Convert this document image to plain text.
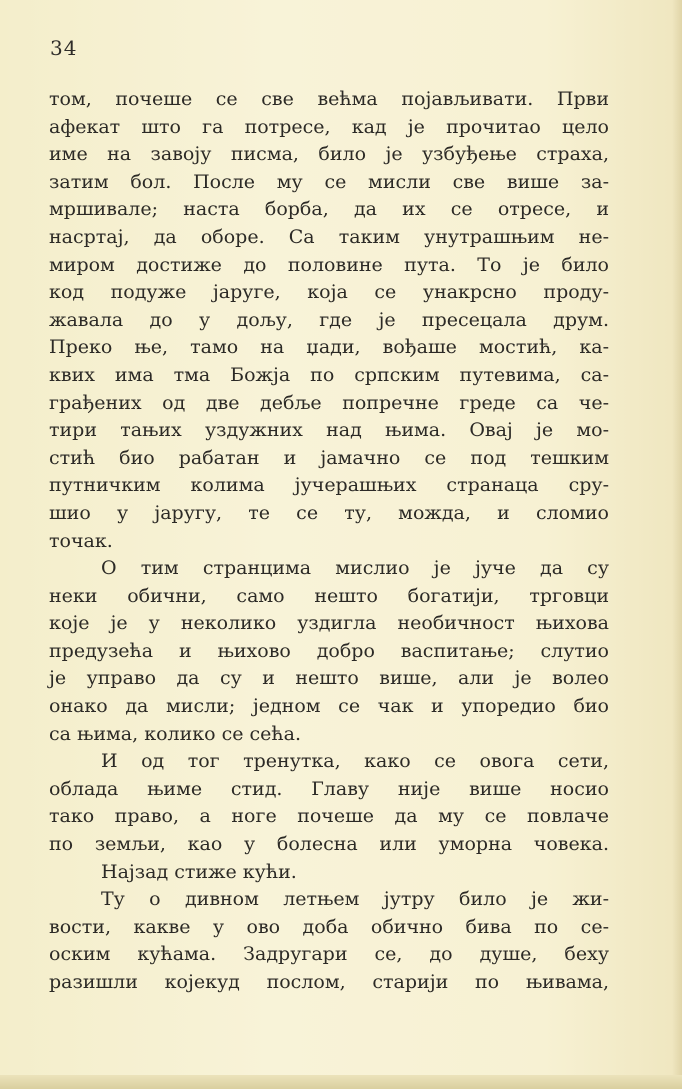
34
том, почеше се све већма појављивати. Први
афекат што га потресе, кад је прочитао цело
име на завоју писма, било је узбуђење страха,
затим бол. После му се мисли све више за-
мршивале; наста борба, да их се отресе, и
насртај, да оборе. Са таким унутрашњим не-
миром достиже до половине пута. То је било
код подуже јаруге, која се унакрсно проду-
жавала до у дољу, где је пресецала друм.
Преко ње, тамо на џади, вођаше мостић, ка-
квих има тма Божја по српским путевима, са-
грађених од две дебље попречне греде са че-
тири тањих уздужних над њима. Овај је мо-
стић био рабатан и јамачно се под тешким
путничким колима јучерашњих странаца сру-
шио у јаругу, те се ту, можда, и сломио
точак.
О тим странцима мислио је јуче да су
неки обични, само нешто богатији, трговци
које је у неколико уздигла необичност њихова
предузећа и њихово добро васпитање; слутио
је управо да су и нешто више, али је волео
онако да мисли; једном се чак и упоредио био
са њима, колико се сећа.
И од тог тренутка, како се овога сети,
облада њиме стид. Главу није више носио
тако право, а ноге почеше да му се повлаче
по земљи, као у болесна или уморна човека.
Најзад стиже кући.
Ту о дивном летњем јутру било је жи-
вости, какве у ово доба обично бива по се-
оским кућама. Задругари се, до душе, беху
разишли којекуд послом, старији по њивама,
